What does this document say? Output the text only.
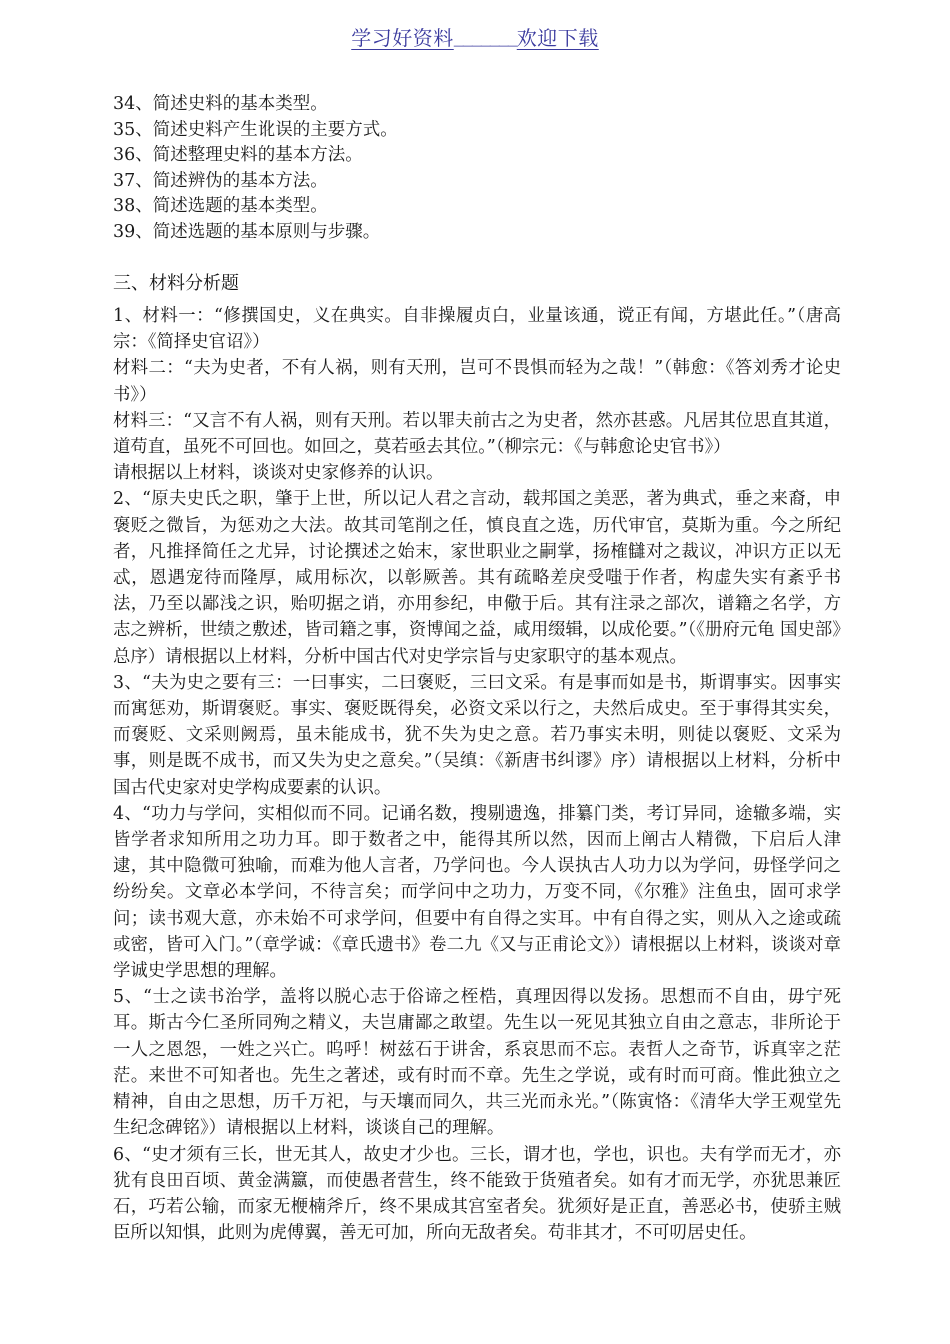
学习好资料_______欢迎下载

34、简述史料的基本类型。

35、简述史料产生讹误的主要方式。

36、简述整理史料的基本方法。

37、简述辨伪的基本方法。

38、简述选题的基本类型。

39、简述选题的基本原则与步骤。

三、材料分析题

1、材料一：“修撰国史，义在典实。自非操履贞白，业量该通，谠正有闻，方堪此任。”（唐高宗：《简择史官诏》）

材料二：“夫为史者，不有人祸，则有天刑，岂可不畏惧而轻为之哉！”（韩愈：《答刘秀才论史书》）

材料三：“又言不有人祸，则有天刑。若以罪夫前古之为史者，然亦甚惑。凡居其位思直其道，道苟直，虽死不可回也。如回之，莫若亟去其位。”（柳宗元：《与韩愈论史官书》）

请根据以上材料，谈谈对史家修养的认识。

2、“原夫史氏之职，肇于上世，所以记人君之言动，载邦国之美恶，著为典式，垂之来裔，申褒贬之微旨，为惩劝之大法。故其司笔削之任，慎良直之选，历代审官，莫斯为重。今之所纪者，凡推择简任之尤异，讨论撰述之始末，家世职业之嗣掌，扬榷讎对之裁议，冲识方正以无忒，恩遇宠待而隆厚，咸用标次，以彰厥善。其有疏略差戾受嗤于作者，构虚失实有紊乎书法，乃至以鄙浅之识，贻叨据之诮，亦用参纪，申儆于后。其有注录之部次，谱籍之名学，方志之辨析，世绩之敷述，皆司籍之事，资博闻之益，咸用缀辑，以成伦要。”（《册府元龟 国史部》总序）请根据以上材料，分析中国古代对史学宗旨与史家职守的基本观点。

3、“夫为史之要有三：一曰事实，二曰褒贬，三曰文采。有是事而如是书，斯谓事实。因事实而寓惩劝，斯谓褒贬。事实、褒贬既得矣，必资文采以行之，夫然后成史。至于事得其实矣，而褒贬、文采则阙焉，虽未能成书，犹不失为史之意。若乃事实未明，则徒以褒贬、文采为事，则是既不成书，而又失为史之意矣。”（吴缜：《新唐书纠谬》序）请根据以上材料，分析中国古代史家对史学构成要素的认识。

4、“功力与学问，实相似而不同。记诵名数，搜剔遗逸，排纂门类，考订异同，途辙多端，实皆学者求知所用之功力耳。即于数者之中，能得其所以然，因而上阐古人精微，下启后人津逮，其中隐微可独喻，而难为他人言者，乃学问也。今人误执古人功力以为学问，毋怪学问之纷纷矣。文章必本学问，不待言矣；而学问中之功力，万变不同，《尔雅》注鱼虫，固可求学问；读书观大意，亦未始不可求学问，但要中有自得之实耳。中有自得之实，则从入之途或疏或密，皆可入门。”（章学诚：《章氏遗书》卷二九《又与正甫论文》）请根据以上材料，谈谈对章学诚史学思想的理解。

5、“士之读书治学，盖将以脱心志于俗谛之桎梏，真理因得以发扬。思想而不自由，毋宁死耳。斯古今仁圣所同殉之精义，夫岂庸鄙之敢望。先生以一死见其独立自由之意志，非所论于一人之恩怨，一姓之兴亡。呜呼！树兹石于讲舍，系哀思而不忘。表哲人之奇节，诉真宰之茫茫。来世不可知者也。先生之著述，或有时而不章。先生之学说，或有时而可商。惟此独立之精神，自由之思想，历千万祀，与天壤而同久，共三光而永光。”（陈寅恪：《清华大学王观堂先生纪念碑铭》）请根据以上材料，谈谈自己的理解。

6、“史才须有三长，世无其人，故史才少也。三长，谓才也，学也，识也。夫有学而无才，亦犹有良田百顷、黄金满籝，而使愚者营生，终不能致于货殖者矣。如有才而无学，亦犹思兼匠石，巧若公输，而家无楩楠斧斤，终不果成其宫室者矣。犹须好是正直，善恶必书，使骄主贼臣所以知惧，此则为虎傅翼，善无可加，所向无敌者矣。苟非其才，不可叨居史任。
